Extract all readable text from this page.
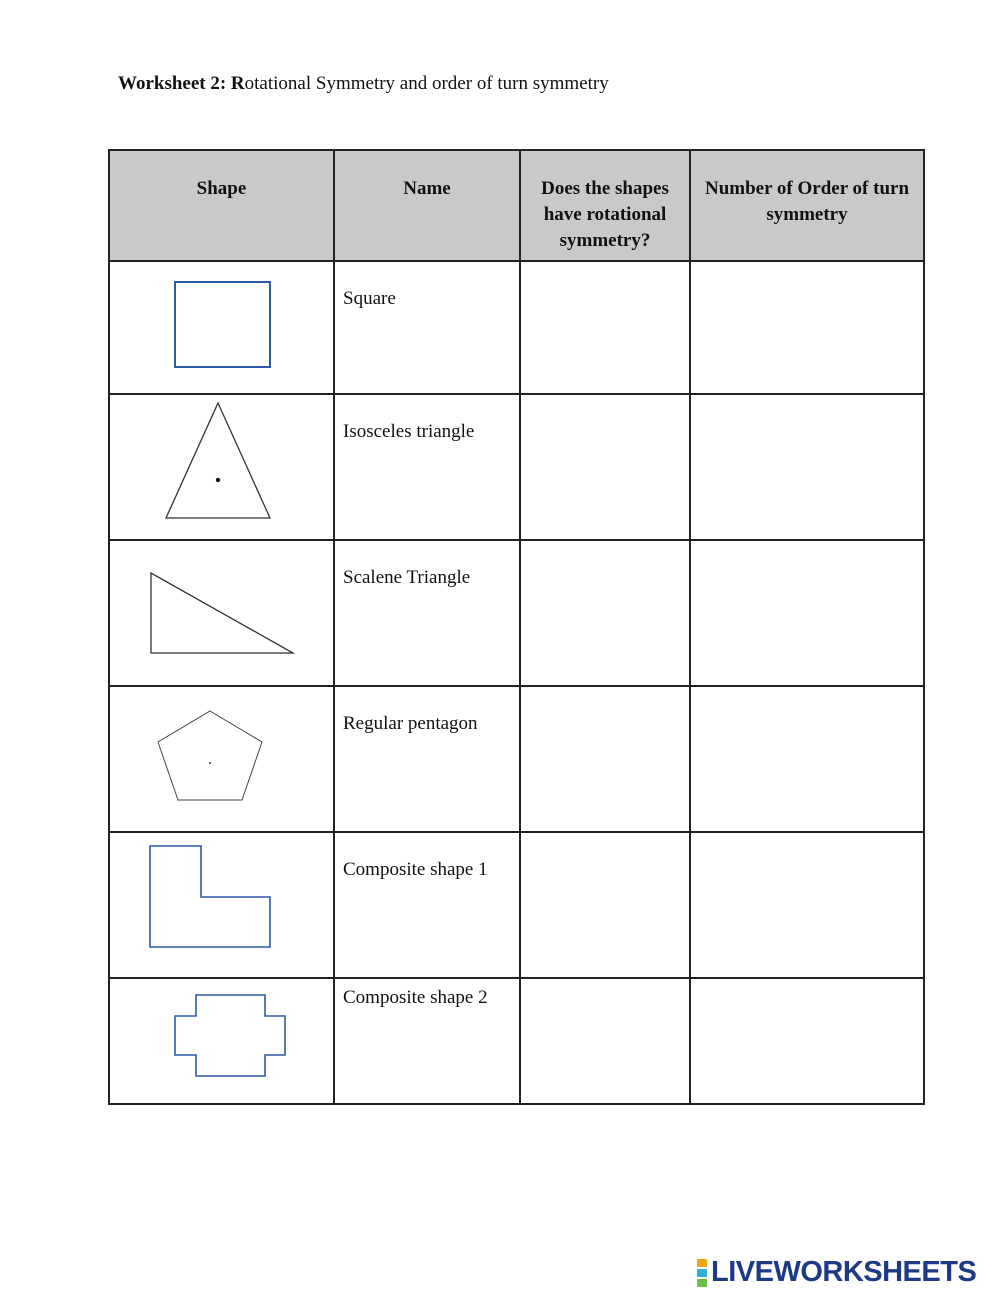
Worksheet 2: Rotational Symmetry and order of turn symmetry
Shape	Name	Does the shapes have rotational symmetry?	Number of Order of turn symmetry

	Square		

	Isosceles triangle		

	Scalene Triangle		

	Regular pentagon		

	Composite shape 1		

	Composite shape 2		
LIVEWORKSHEETS
